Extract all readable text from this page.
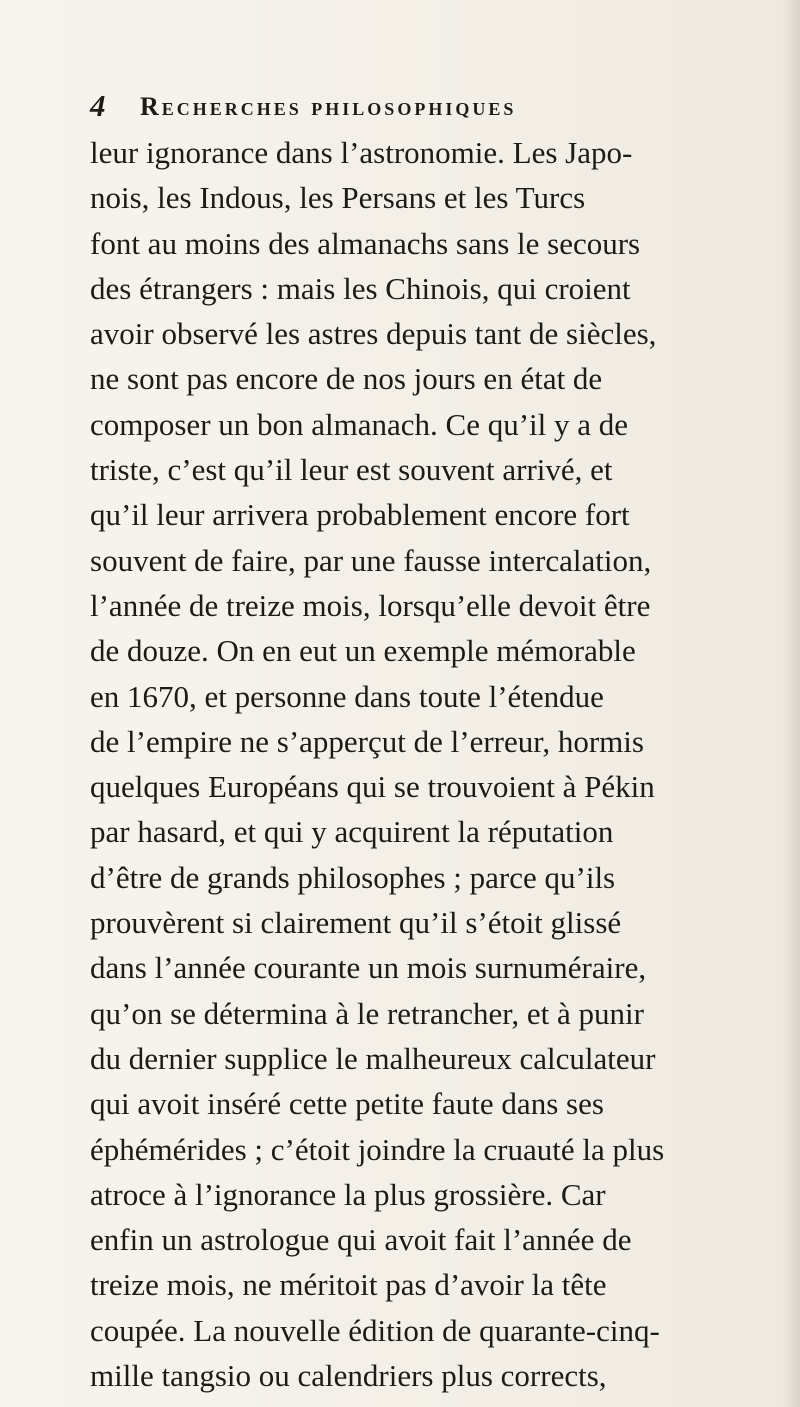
4 Recherches philosophiques
leur ignorance dans l’astronomie. Les Japo-
nois, les Indous, les Persans et les Turcs
font au moins des almanachs sans le secours
des étrangers : mais les Chinois, qui croient
avoir observé les astres depuis tant de siècles,
ne sont pas encore de nos jours en état de
composer un bon almanach. Ce qu’il y a de
triste, c’est qu’il leur est souvent arrivé, et
qu’il leur arrivera probablement encore fort
souvent de faire, par une fausse intercalation,
l’année de treize mois, lorsqu’elle devoit être
de douze. On en eut un exemple mémorable
en 1670, et personne dans toute l’étendue
de l’empire ne s’apperçut de l’erreur, hormis
quelques Européans qui se trouvoient à Pékin
par hasard, et qui y acquirent la réputation
d’être de grands philosophes ; parce qu’ils
prouvèrent si clairement qu’il s’étoit glissé
dans l’année courante un mois surnuméraire,
qu’on se détermina à le retrancher, et à punir
du dernier supplice le malheureux calculateur
qui avoit inséré cette petite faute dans ses
éphémérides ; c’étoit joindre la cruauté la plus
atroce à l’ignorance la plus grossière. Car
enfin un astrologue qui avoit fait l’année de
treize mois, ne méritoit pas d’avoir la tête
coupée. La nouvelle édition de quarante-cinq-
mille tangsio ou calendriers plus corrects,
